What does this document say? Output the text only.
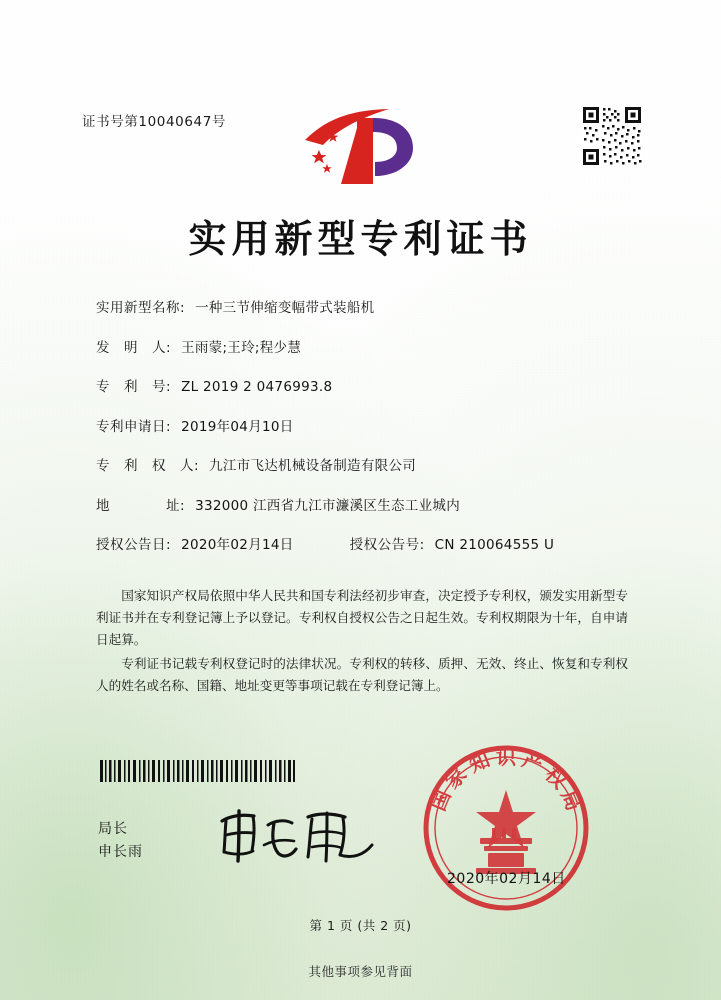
证书号第10040647号
实用新型专利证书
实用新型名称: 一种三节伸缩变幅带式装船机
发　明　人: 王雨蒙;王玲;程少慧
专　利　号: ZL 2019 2 0476993.8
专利申请日: 2019年04月10日
专　利　权　人: 九江市飞达机械设备制造有限公司
地　　　　址: 332000 江西省九江市濂溪区生态工业城内
授权公告日: 2020年02月14日	授权公告号: CN 210064555 U

国家知识产权局依照中华人民共和国专利法经初步审查，决定授予专利权，颁发实用新型专利证书并在专利登记簿上予以登记。专利权自授权公告之日起生效。专利权期限为十年，自申请日起算。

专利证书记载专利权登记时的法律状况。专利权的转移、质押、无效、终止、恢复和专利权人的姓名或名称、国籍、地址变更等事项记载在专利登记簿上。

局长
申长雨
国
家
知 识 产
权
局
2020年02月14日
第 1 页 (共 2 页)
其他事项参见背面
